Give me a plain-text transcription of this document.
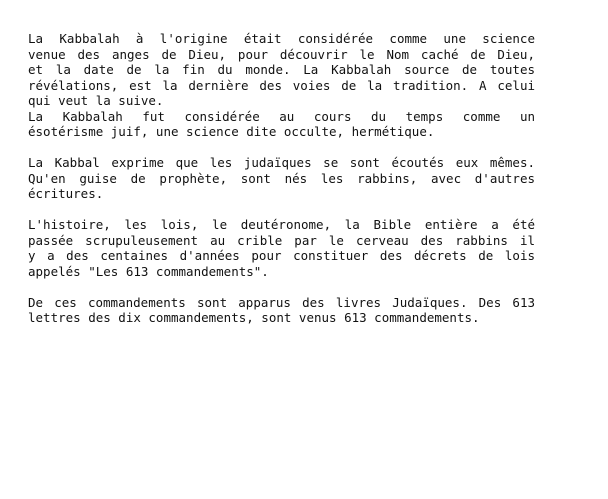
La Kabbalah à l'origine était considérée comme une science
venue des anges de Dieu, pour découvrir le Nom caché de Dieu,
et la date de la fin du monde. La Kabbalah source de toutes
révélations, est la dernière des voies de la tradition. A celui
qui veut la suive.
La Kabbalah fut considérée au cours du temps comme un
ésotérisme juif, une science dite occulte, hermétique.
La Kabbal exprime que les judaïques se sont écoutés eux mêmes.
Qu'en guise de prophète, sont nés les rabbins, avec d'autres
écritures.
L'histoire, les lois, le deutéronome, la Bible entière a été
passée scrupuleusement au crible par le cerveau des rabbins il
y a des centaines d'années pour constituer des décrets de lois
appelés "Les 613 commandements".
De ces commandements sont apparus des livres Judaïques. Des 613
lettres des dix commandements, sont venus 613 commandements.
